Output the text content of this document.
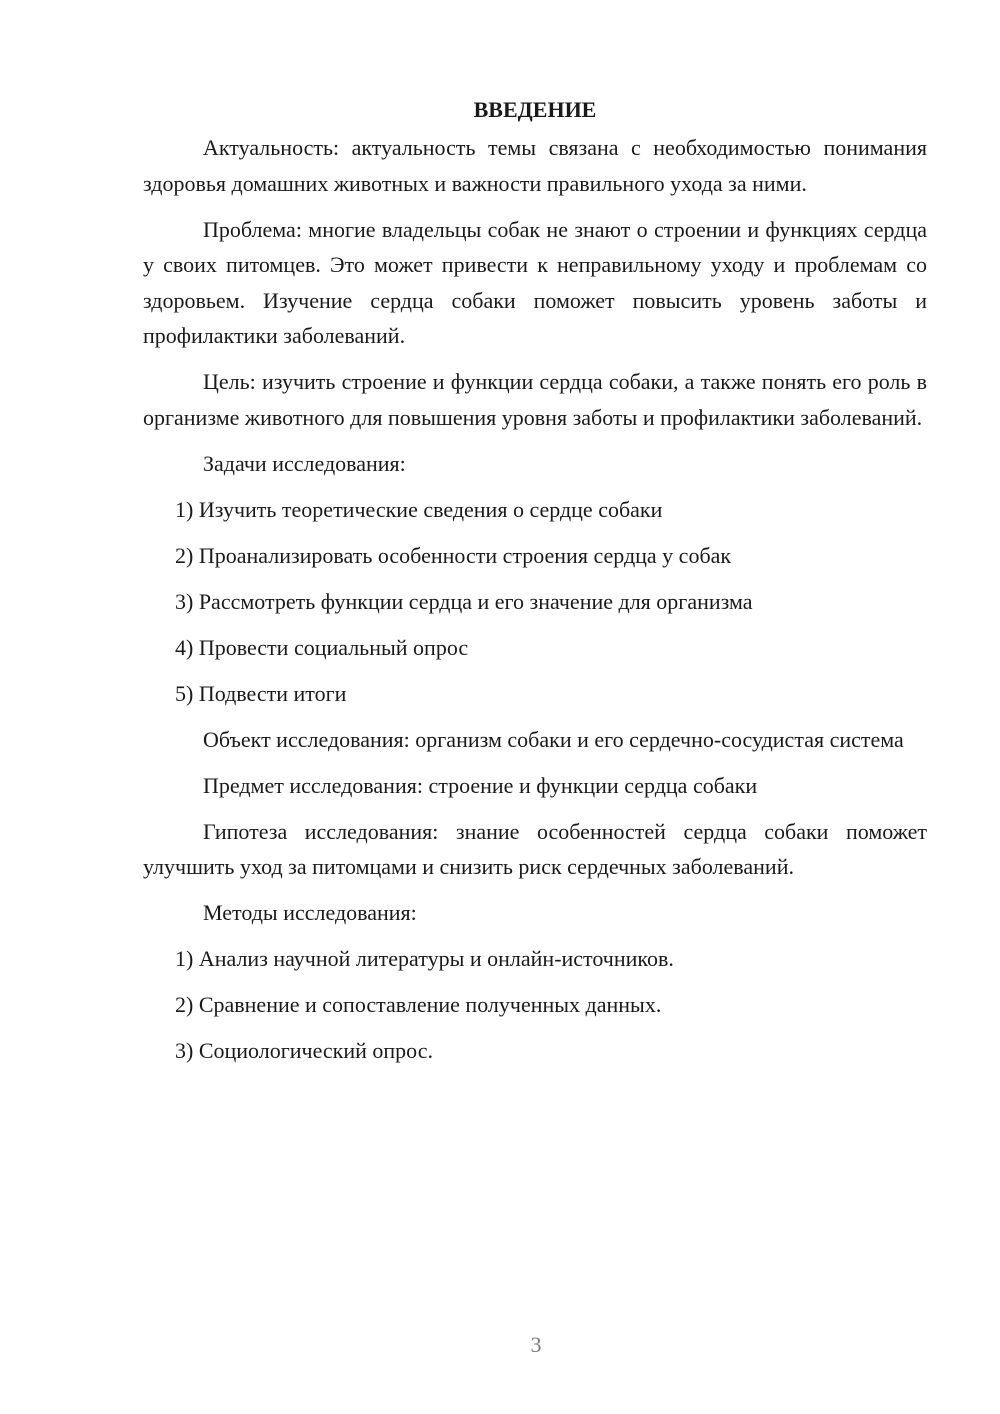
ВВЕДЕНИЕ

Актуальность: актуальность темы связана с необходимостью понимания здоровья домашних животных и важности правильного ухода за ними.

Проблема: многие владельцы собак не знают о строении и функциях сердца у своих питомцев. Это может привести к неправильному уходу и проблемам со здоровьем. Изучение сердца собаки поможет повысить уровень заботы и профилактики заболеваний.

Цель: изучить строение и функции сердца собаки, а также понять его роль в организме животного для повышения уровня заботы и профилактики заболеваний.

Задачи исследования:

1) Изучить теоретические сведения о сердце собаки
2) Проанализировать особенности строения сердца у собак
3) Рассмотреть функции сердца и его значение для организма
4) Провести социальный опрос
5) Подвести итоги

Объект исследования: организм собаки и его сердечно-сосудистая система

Предмет исследования: строение и функции сердца собаки

Гипотеза исследования: знание особенностей сердца собаки поможет улучшить уход за питомцами и снизить риск сердечных заболеваний.

Методы исследования:

1) Анализ научной литературы и онлайн-источников.
2) Сравнение и сопоставление полученных данных.
3) Социологический опрос.
3
